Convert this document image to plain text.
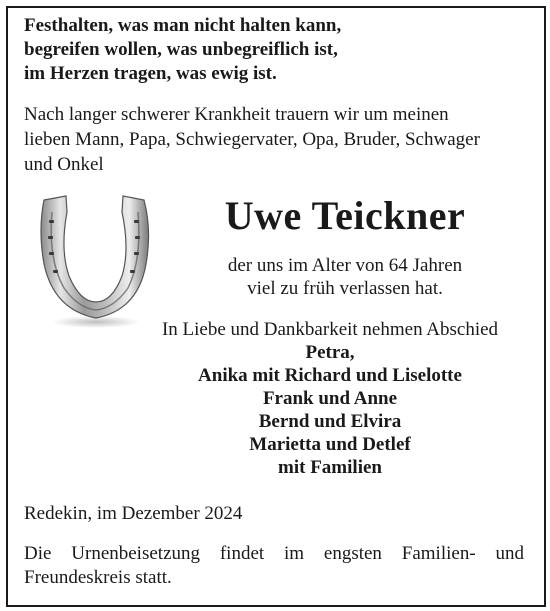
Festhalten, was man nicht halten kann,
begreifen wollen, was unbegreiflich ist,
im Herzen tragen, was ewig ist.
Nach langer schwerer Krankheit trauern wir um meinen
lieben Mann, Papa, Schwiegervater, Opa, Bruder, Schwager
und Onkel
Uwe Teickner
der uns im Alter von 64 Jahren
viel zu früh verlassen hat.
In Liebe und Dankbarkeit nehmen Abschied
Petra,
Anika mit Richard und Liselotte
Frank und Anne
Bernd und Elvira
Marietta und Detlef
mit Familien
Redekin, im Dezember 2024
Die Urnenbeisetzung findet im engsten Familien- und
Freundeskreis statt.
